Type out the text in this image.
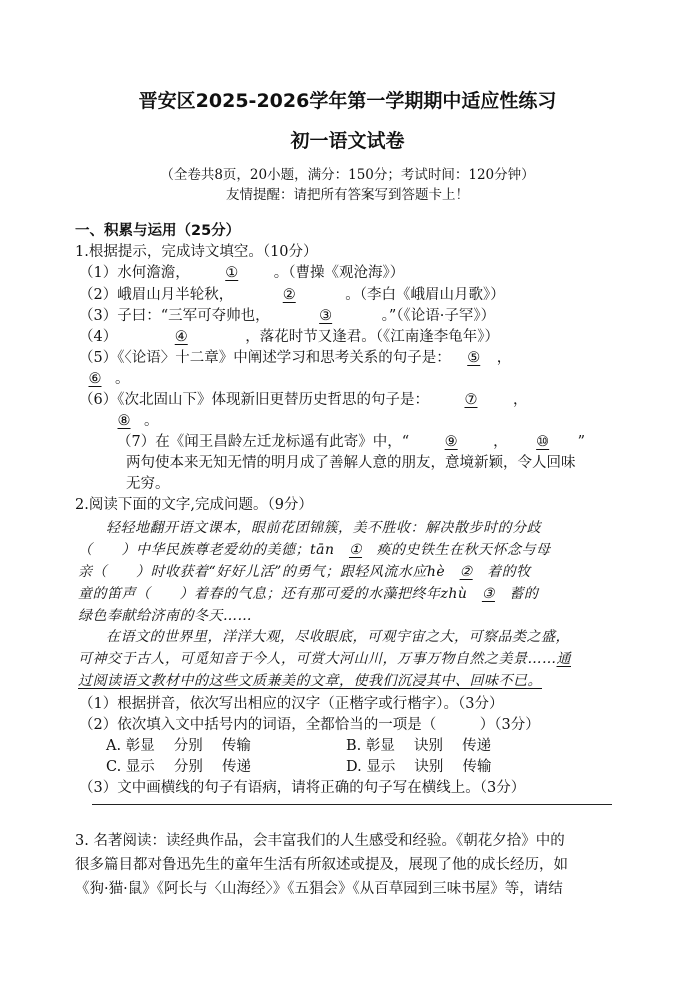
晋安区2025-2026学年第一学期期中适应性练习
初一语文试卷
（全卷共8页，20小题，满分：150分；考试时间：120分钟）
友情提醒：请把所有答案写到答题卡上！
一、积累与运用（25分）
1.根据提示，完成诗文填空。（10分）
（1）水何澹澹， ① 。（曹操《观沧海》）
（2）峨眉山月半轮秋，	②	。（李白《峨眉山月歌》）
（3）子曰：“三军可夺帅也，	③	。”（《论语·子罕》）
（4）	④	，落花时节又逢君。（《江南逢李龟年》）
（5）《〈论语〉十二章》中阐述学习和思考关系的句子是： ⑤ ，
⑥ 。
（6）《次北固山下》体现新旧更替历史哲思的句子是： ⑦ ，
⑧ 。
（7）在《闻王昌龄左迁龙标遥有此寄》中，“ ⑨ ， ⑩ ”
两句使本来无知无情的明月成了善解人意的朋友，意境新颖，令人回味
无穷。
2.阅读下面的文字,完成问题。（9分）
轻轻地翻开语文课本，眼前花团锦簇，美不胜收：解决散步时的分歧
（　　）中华民族尊老爱幼的美德；tān ① 痪的史铁生在秋天怀念与母
亲（　　）时收获着“好好儿活”的勇气；跟轻风流水应hè ② 着的牧
童的笛声（　　）着春的气息；还有那可爱的水藻把终年zhù ③ 蓄的
绿色奉献给济南的冬天……
在语文的世界里，洋洋大观，尽收眼底，可观宇宙之大，可察品类之盛，
可神交于古人，可觅知音于今人，可赏大河山川，万事万物自然之美景……通
过阅读语文教材中的这些文质兼美的文章，使我们沉浸其中、回味不已。
（1）根据拼音，依次写出相应的汉字（正楷字或行楷字）。（3分）
（2）依次填入文中括号内的词语，全都恰当的一项是（　　　）（3分）
A. 彰显　 分别　 传输	B. 彰显　 诀别　 传递
C. 显示　 分别　 传递	D. 显示　 诀别　 传输
（3）文中画横线的句子有语病，请将正确的句子写在横线上。（3分）
3. 名著阅读：读经典作品，会丰富我们的人生感受和经验。《朝花夕拾》中的
很多篇目都对鲁迅先生的童年生活有所叙述或提及，展现了他的成长经历，如
《狗·猫·鼠》《阿长与〈山海经〉》《五猖会》《从百草园到三味书屋》等，请结
